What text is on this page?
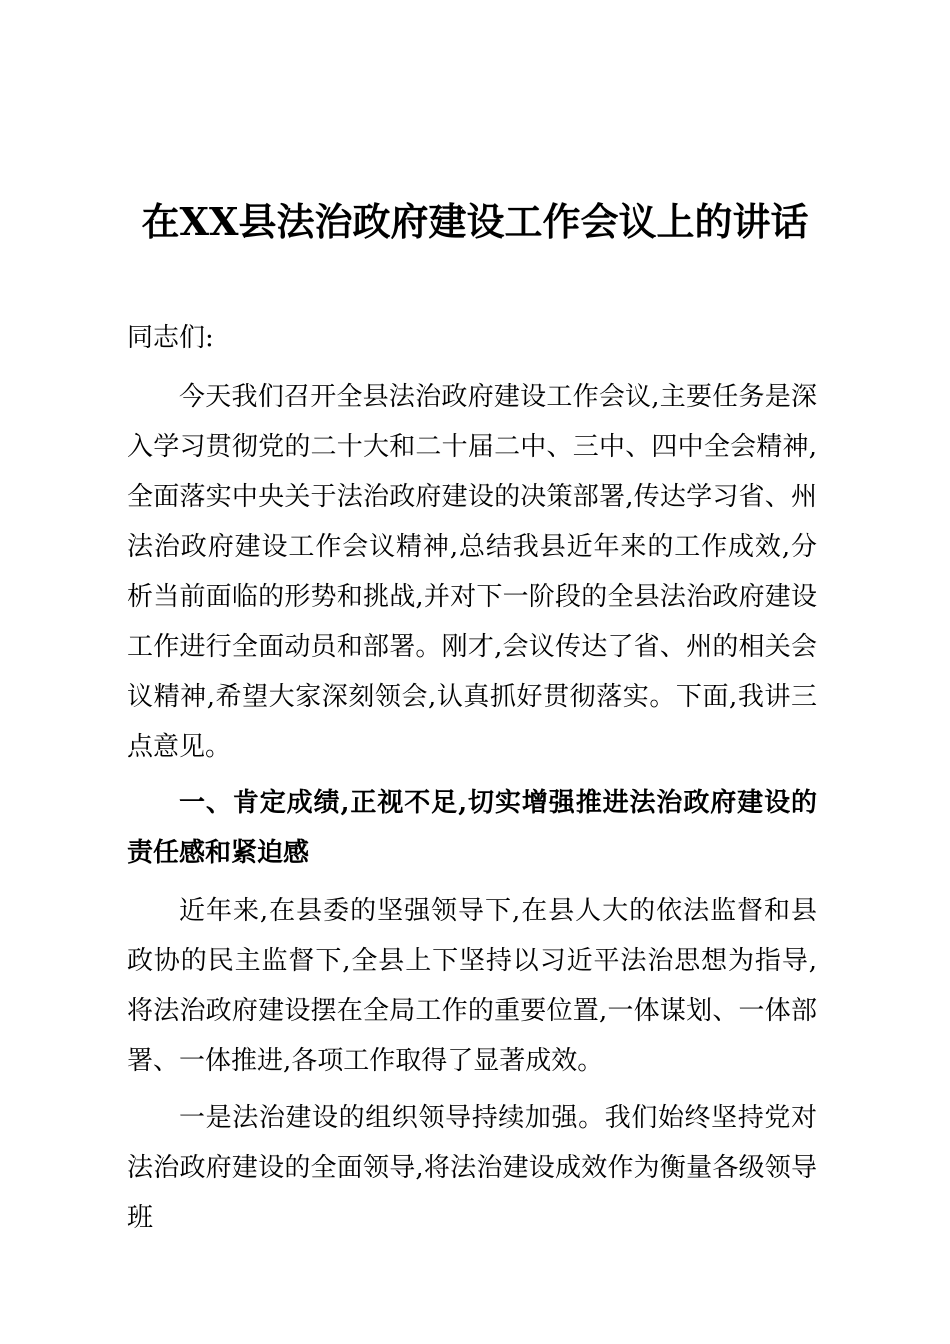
在XX县法治政府建设工作会议上的讲话
同志们:
今天我们召开全县法治政府建设工作会议,主要任务是深入学习贯彻党的二十大和二十届二中、三中、四中全会精神,全面落实中央关于法治政府建设的决策部署,传达学习省、州法治政府建设工作会议精神,总结我县近年来的工作成效,分析当前面临的形势和挑战,并对下一阶段的全县法治政府建设工作进行全面动员和部署。刚才,会议传达了省、州的相关会议精神,希望大家深刻领会,认真抓好贯彻落实。下面,我讲三点意见。
一、肯定成绩,正视不足,切实增强推进法治政府建设的责任感和紧迫感
近年来,在县委的坚强领导下,在县人大的依法监督和县政协的民主监督下,全县上下坚持以习近平法治思想为指导,将法治政府建设摆在全局工作的重要位置,一体谋划、一体部署、一体推进,各项工作取得了显著成效。
一是法治建设的组织领导持续加强。我们始终坚持党对法治政府建设的全面领导,将法治建设成效作为衡量各级领导班
